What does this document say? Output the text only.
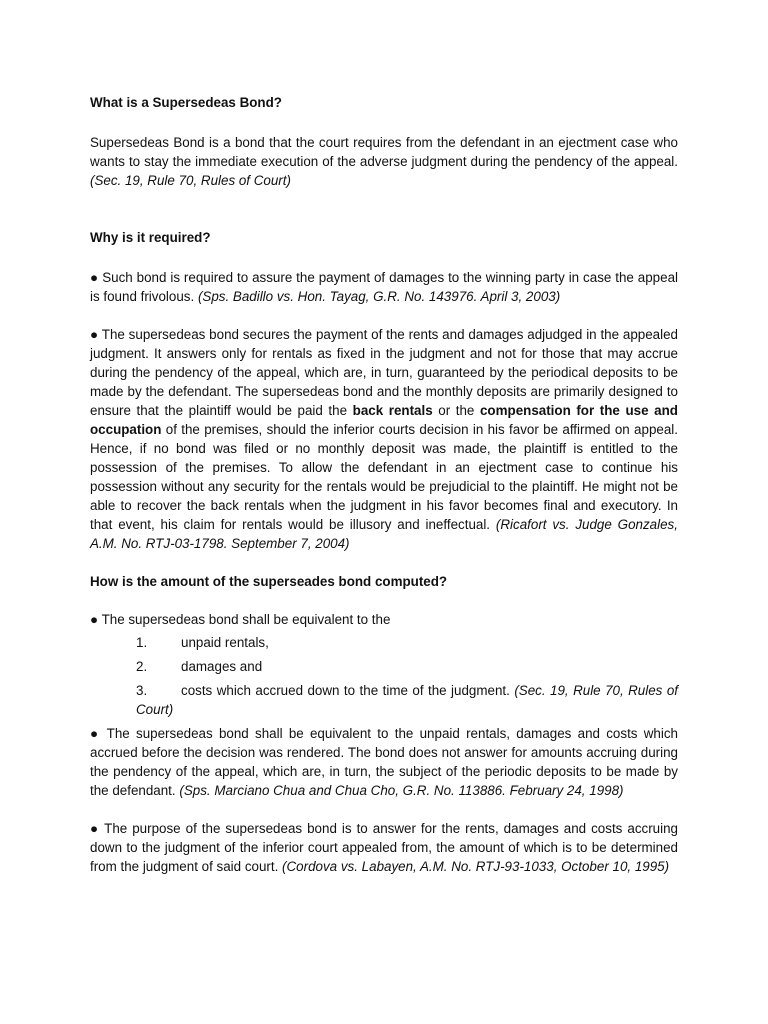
What is a Supersedeas Bond?

Supersedeas Bond is a bond that the court requires from the defendant in an ejectment case who wants to stay the immediate execution of the adverse judgment during the pendency of the appeal. (Sec. 19, Rule 70, Rules of Court)

Why is it required?

● Such bond is required to assure the payment of damages to the winning party in case the appeal is found frivolous. (Sps. Badillo vs. Hon. Tayag, G.R. No. 143976. April 3, 2003)

● The supersedeas bond secures the payment of the rents and damages adjudged in the appealed judgment. It answers only for rentals as fixed in the judgment and not for those that may accrue during the pendency of the appeal, which are, in turn, guaranteed by the periodical deposits to be made by the defendant. The supersedeas bond and the monthly deposits are primarily designed to ensure that the plaintiff would be paid the back rentals or the compensation for the use and occupation of the premises, should the inferior courts decision in his favor be affirmed on appeal. Hence, if no bond was filed or no monthly deposit was made, the plaintiff is entitled to the possession of the premises. To allow the defendant in an ejectment case to continue his possession without any security for the rentals would be prejudicial to the plaintiff. He might not be able to recover the back rentals when the judgment in his favor becomes final and executory. In that event, his claim for rentals would be illusory and ineffectual. (Ricafort vs. Judge Gonzales, A.M. No. RTJ-03-1798. September 7, 2004)

How is the amount of the superseades bond computed?

● The supersedeas bond shall be equivalent to the

1.	unpaid rentals,
2.	damages and
3.	costs which accrued down to the time of the judgment. (Sec. 19, Rule 70, Rules of Court)

● The supersedeas bond shall be equivalent to the unpaid rentals, damages and costs which accrued before the decision was rendered. The bond does not answer for amounts accruing during the pendency of the appeal, which are, in turn, the subject of the periodic deposits to be made by the defendant. (Sps. Marciano Chua and Chua Cho, G.R. No. 113886. February 24, 1998)

● The purpose of the supersedeas bond is to answer for the rents, damages and costs accruing down to the judgment of the inferior court appealed from, the amount of which is to be determined from the judgment of said court. (Cordova vs. Labayen, A.M. No. RTJ-93-1033, October 10, 1995)
